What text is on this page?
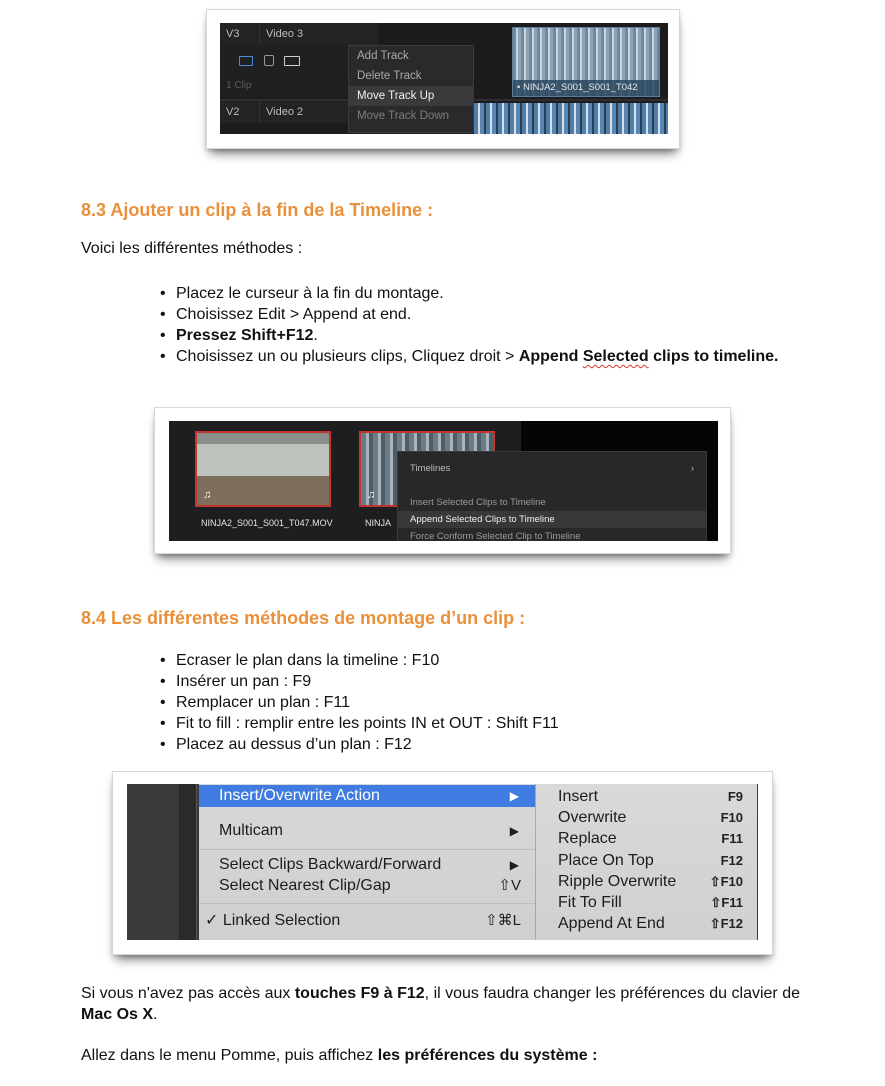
V3	Video 3
1 Clip
V2	Video 2
• NINJA2_S001_S001_T042
Add Track
Delete Track
Move Track Up
Move Track Down
8.3 Ajouter un clip à la fin de la Timeline :
Voici les différentes méthodes :
• Placez le curseur à la fin du montage.
• Choisissez Edit > Append at end.
• Pressez Shift+F12.
• Choisissez un ou plusieurs clips, Cliquez droit > Append Selected clips to timeline.
♫
NINJA2_S001_S001_T047.MOV
♫
NINJA
Timelines	›
Insert Selected Clips to Timeline
Append Selected Clips to Timeline
Force Conform Selected Clip to Timeline
8.4 Les différentes méthodes de montage d’un clip :
• Ecraser le plan dans la timeline : F10
• Insérer un pan : F9
• Remplacer un plan : F11
• Fit to fill : remplir entre les points IN et OUT : Shift F11
• Placez au dessus d’un plan : F12
Insert/Overwrite Action	▶
Multicam	▶
Select Clips Backward/Forward	▶
Select Nearest Clip/Gap	⇧V
✓ Linked Selection	⇧⌘L
Insert	F9
Overwrite	F10
Replace	F11
Place On Top	F12
Ripple Overwrite	⇧F10
Fit To Fill	⇧F11
Append At End	⇧F12
Si vous n'avez pas accès aux touches F9 à F12, il vous faudra changer les préférences du clavier de Mac Os X.
Allez dans le menu Pomme, puis affichez les préférences du système :
